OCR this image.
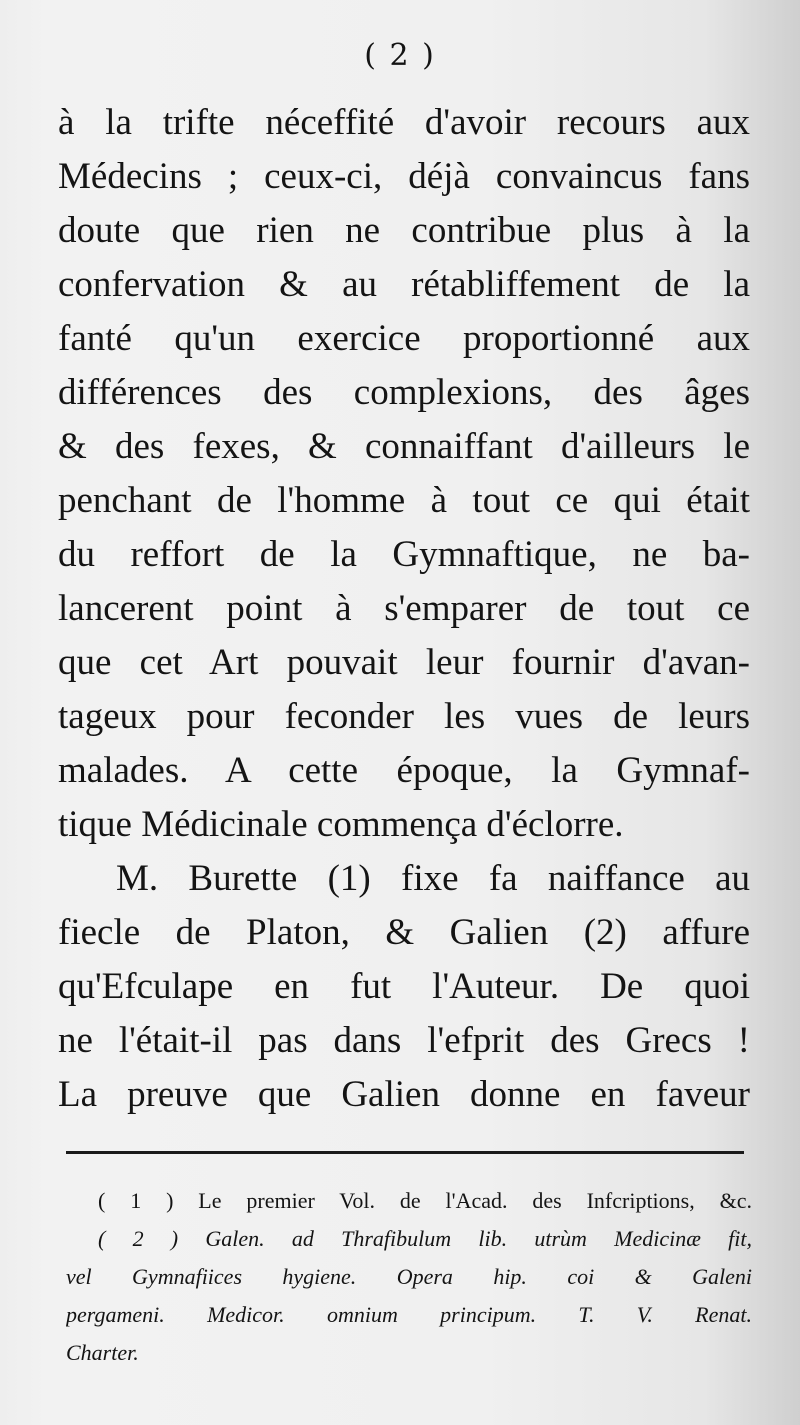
( 2 )
à la trifte néceffité d'avoir recours aux
Médecins ; ceux-ci, déjà convaincus fans
doute que rien ne contribue plus à la
confervation & au rétabliffement de la
fanté qu'un exercice proportionné aux
différences des complexions, des âges
& des fexes, & connaiffant d'ailleurs le
penchant de l'homme à tout ce qui était
du reffort de la Gymnaftique, ne ba-
lancerent point à s'emparer de tout ce
que cet Art pouvait leur fournir d'avan-
tageux pour feconder les vues de leurs
malades. A cette époque, la Gymnaf-
tique Médicinale commença d'éclorre.
M. Burette (1) fixe fa naiffance au
fiecle de Platon, & Galien (2) affure
qu'Efculape en fut l'Auteur. De quoi
ne l'était-il pas dans l'efprit des Grecs !
La preuve que Galien donne en faveur
( 1 ) Le premier Vol. de l'Acad. des Infcriptions, &c.
( 2 ) Galen. ad Thrafibulum lib. utrùm Medicinæ fit,
vel Gymnafiices hygiene. Opera hip. coi & Galeni
pergameni. Medicor. omnium principum. T. V. Renat.
Charter.
